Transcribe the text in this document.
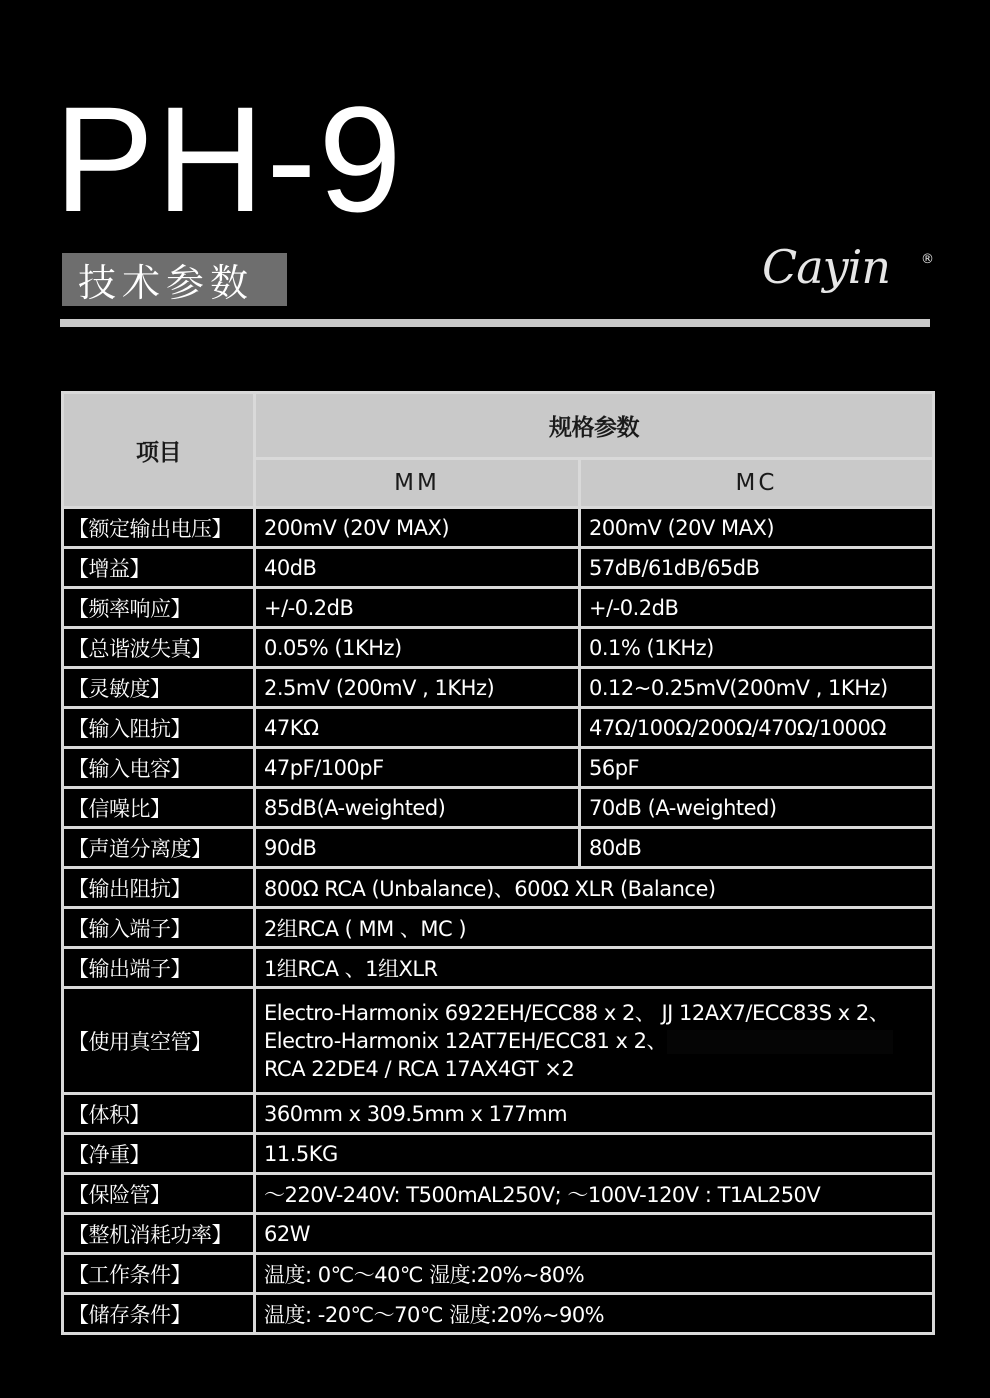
PH-9
技术参数	Cayin ®
项目	规格参数	
	MM	MC
【额定输出电压】	200mV (20V MAX)	200mV (20V MAX)
【增益】	40dB	57dB/61dB/65dB
【频率响应】	+/-0.2dB	+/-0.2dB
【总谐波失真】	0.05% (1KHz)	0.1% (1KHz)
【灵敏度】	2.5mV (200mV , 1KHz)	0.12~0.25mV(200mV , 1KHz)
【输入阻抗】	47KΩ	47Ω/100Ω/200Ω/470Ω/1000Ω
【输入电容】	47pF/100pF	56pF
【信噪比】	85dB(A-weighted)	70dB (A-weighted)
【声道分离度】	90dB	80dB
【输出阻抗】	800Ω RCA (Unbalance)、600Ω XLR (Balance)	
【输入端子】	2组RCA ( MM 、MC )	
【输出端子】	1组RCA 、1组XLR	
【使用真空管】	Electro-Harmonix 6922EH/ECC88 x 2、 JJ 12AX7/ECC83S x 2、
Electro-Harmonix 12AT7EH/ECC81 x 2、
RCA 22DE4 / RCA 17AX4GT ×2	

【体积】	360mm x 309.5mm x 177mm	
【净重】	11.5KG	
【保险管】	～220V-240V: T500mAL250V; ～100V-120V : T1AL250V	
【整机消耗功率】	62W	
【工作条件】	温度: 0℃～40℃ 湿度:20%~80%	
【储存条件】	温度: -20℃～70℃ 湿度:20%~90%	
